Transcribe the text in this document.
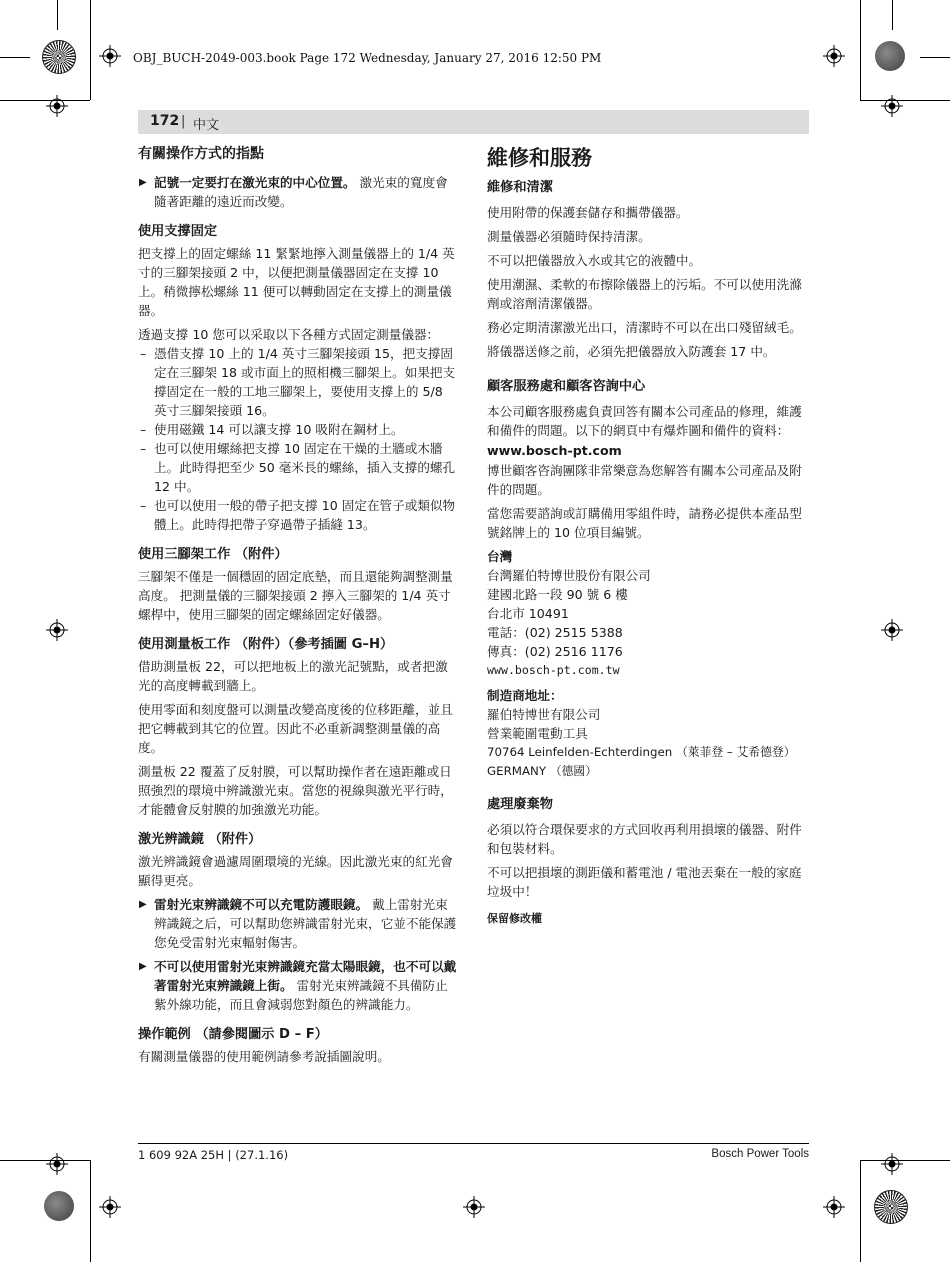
OBJ_BUCH-2049-003.book Page 172 Wednesday, January 27, 2016 12:50 PM
172 | 中文
有關操作方式的指點
▶ 記號一定要打在激光束的中心位置。 激光束的寬度會隨著距離的遠近而改變。
使用支撐固定

把支撐上的固定螺絲 11 緊緊地擰入測量儀器上的 1/4 英寸的三腳架接頭 2 中，以便把測量儀器固定在支撐 10 上。稍微擰松螺絲 11 便可以轉動固定在支撐上的測量儀器。

透過支撐 10 您可以采取以下各種方式固定測量儀器：

– 憑借支撐 10 上的 1/4 英寸三腳架接頭 15，把支撐固定在三腳架 18 或市面上的照相機三腳架上。如果把支撐固定在一般的工地三腳架上，要使用支撐上的 5/8 英寸三腳架接頭 16。
– 使用磁鐵 14 可以讓支撐 10 吸附在鋼材上。
– 也可以使用螺絲把支撐 10 固定在干燥的土牆或木牆上。此時得把至少 50 毫米長的螺絲，插入支撐的螺孔 12 中。
– 也可以使用一般的帶子把支撐 10 固定在管子或類似物體上。此時得把帶子穿過帶子插縫 13。
使用三腳架工作 （附件）

三腳架不僅是一個穩固的固定底墊，而且還能夠調整測量高度。 把測量儀的三腳架接頭 2 擰入三腳架的 1/4 英寸螺桿中，使用三腳架的固定螺絲固定好儀器。

使用測量板工作 （附件）（參考插圖 G–H）

借助測量板 22，可以把地板上的激光記號點，或者把激光的高度轉載到牆上。

使用零面和刻度盤可以測量改變高度後的位移距離，並且把它轉載到其它的位置。因此不必重新調整測量儀的高度。

測量板 22 覆蓋了反射膜，可以幫助操作者在遠距離或日照強烈的環境中辨識激光束。當您的視線與激光平行時，才能體會反射膜的加強激光功能。

激光辨識鏡 （附件）

激光辨識鏡會過濾周圍環境的光線。因此激光束的紅光會顯得更亮。

▶ 雷射光束辨識鏡不可以充電防護眼鏡。 戴上雷射光束辨識鏡之后，可以幫助您辨識雷射光束，它並不能保護您免受雷射光束輻射傷害。
▶ 不可以使用雷射光束辨識鏡充當太陽眼鏡，也不可以戴著雷射光束辨識鏡上街。 雷射光束辨識鏡不具備防止紫外線功能，而且會減弱您對顏色的辨識能力。
操作範例 （請參閱圖示 D – F）

有關測量儀器的使用範例請參考說插圖說明。

維修和服務
維修和清潔

使用附帶的保護套儲存和攜帶儀器。

測量儀器必須隨時保持清潔。

不可以把儀器放入水或其它的液體中。

使用潮濕、柔軟的布擦除儀器上的污垢。不可以使用洗滌劑或溶劑清潔儀器。

務必定期清潔激光出口，清潔時不可以在出口殘留絨毛。

將儀器送修之前，必須先把儀器放入防護套 17 中。

顧客服務處和顧客咨詢中心

本公司顧客服務處負責回答有關本公司產品的修理，維護和備件的問題。以下的網頁中有爆炸圖和備件的資料：

www.bosch-pt.com

博世顧客咨詢團隊非常樂意為您解答有關本公司產品及附件的問題。

當您需要諮詢或訂購備用零組件時，請務必提供本產品型號銘牌上的 10 位項目編號。

台灣

台灣羅伯特博世股份有限公司
建國北路一段 90 號 6 樓
台北市 10491
電話：(02) 2515 5388
傳真：(02) 2516 1176
www.bosch-pt.com.tw

制造商地址：

羅伯特博世有限公司
營業範圍電動工具
70764 Leinfelden-Echterdingen （萊菲登 – 艾希德登）
GERMANY （德國）
處理廢棄物

必須以符合環保要求的方式回收再利用損壞的儀器、附件和包裝材料。

不可以把損壞的測距儀和蓄電池 / 電池丟棄在一般的家庭垃圾中！

保留修改權

1 609 92A 25H | (27.1.16)	Bosch Power Tools
